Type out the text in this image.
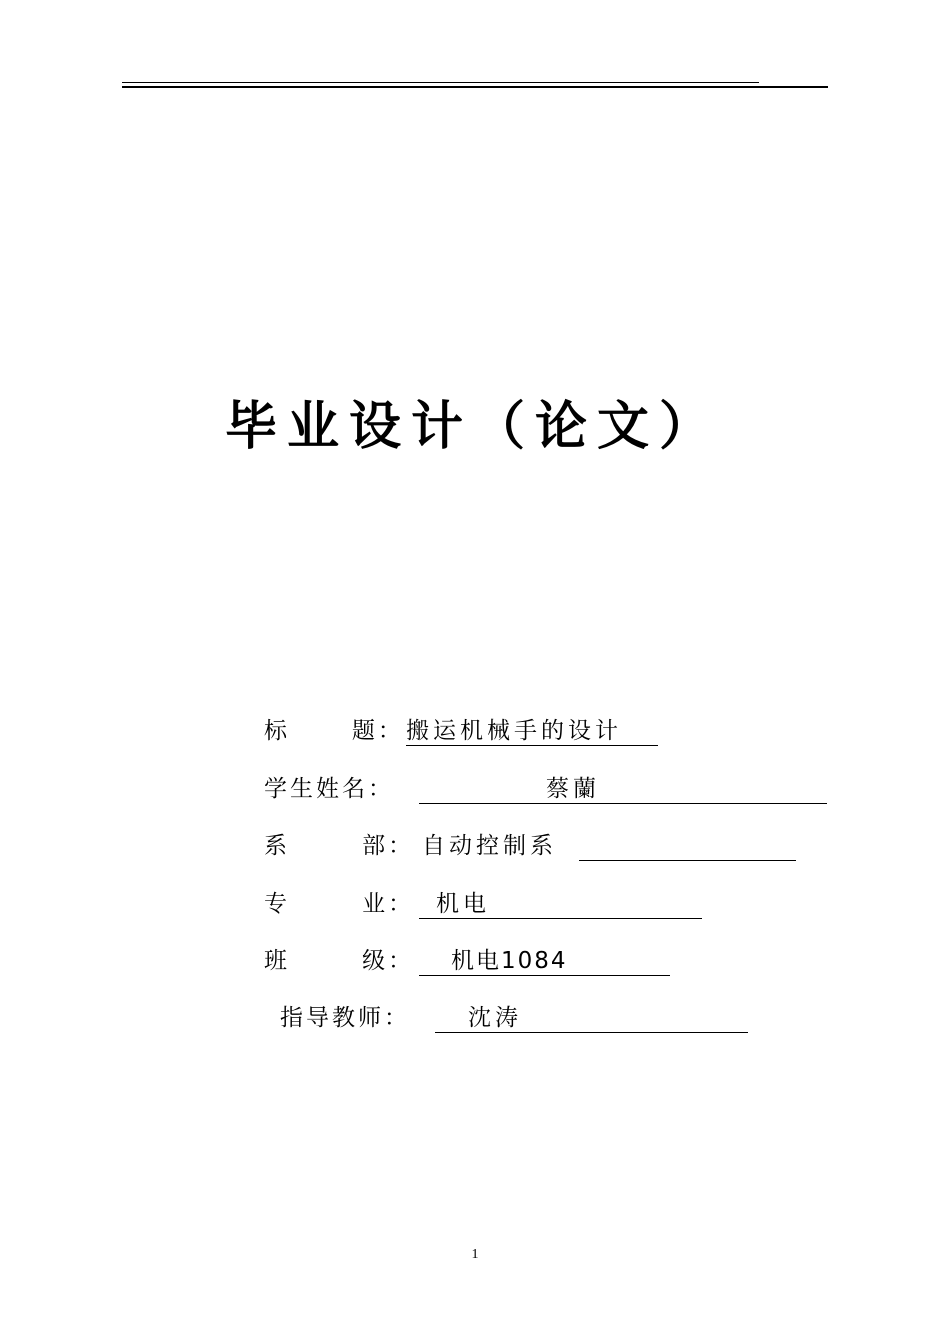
毕业设计（论文）
标      题： 搬运机械手的设计
学生姓名：	蔡蘭
系       部： 自动控制系
专       业： 机电
班       级： 机电1084
指导教师：	沈涛
1
